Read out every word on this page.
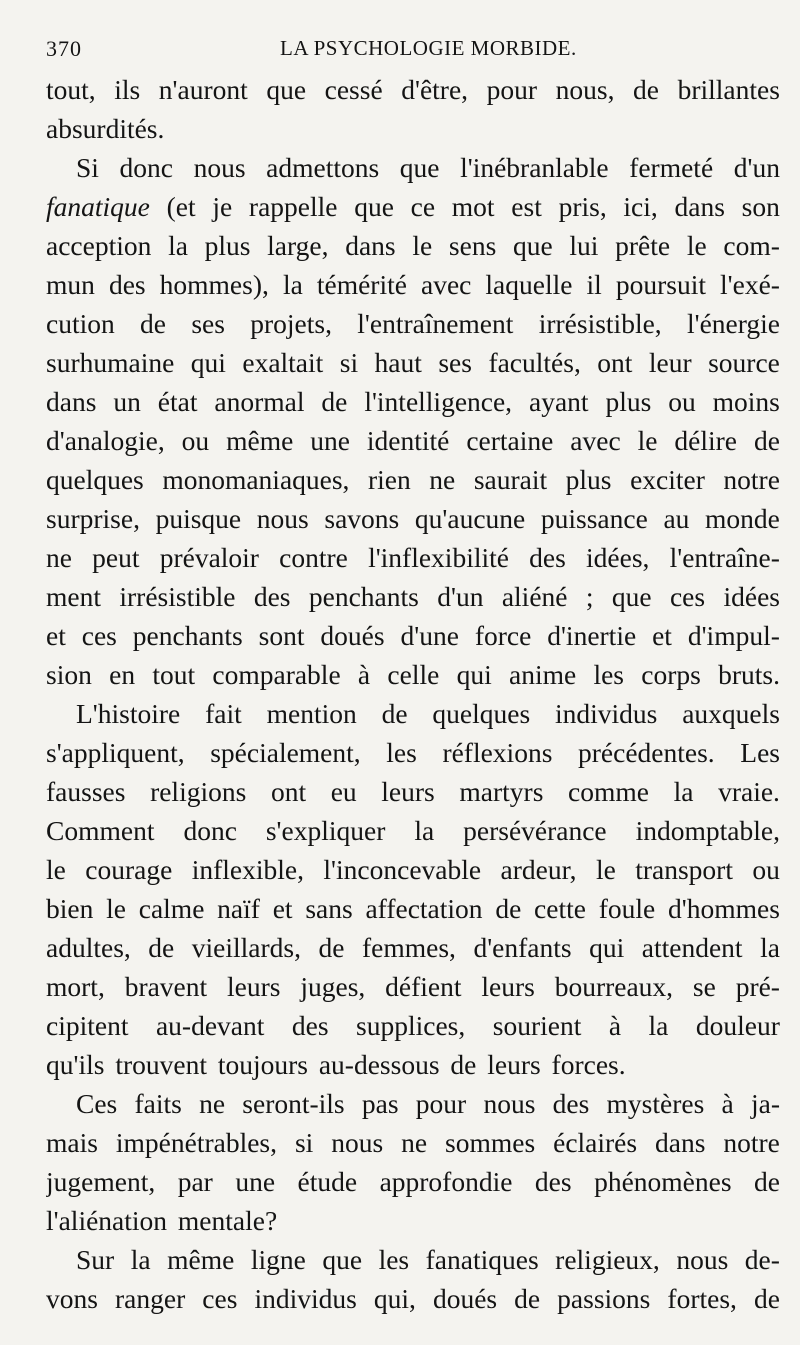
370	LA PSYCHOLOGIE MORBIDE.
tout, ils n'auront que cessé d'être, pour nous, de brillantes
absurdités.
Si donc nous admettons que l'inébranlable fermeté d'un
fanatique (et je rappelle que ce mot est pris, ici, dans son
acception la plus large, dans le sens que lui prête le com-
mun des hommes), la témérité avec laquelle il poursuit l'exé-
cution de ses projets, l'entraînement irrésistible, l'énergie
surhumaine qui exaltait si haut ses facultés, ont leur source
dans un état anormal de l'intelligence, ayant plus ou moins
d'analogie, ou même une identité certaine avec le délire de
quelques monomaniaques, rien ne saurait plus exciter notre
surprise, puisque nous savons qu'aucune puissance au monde
ne peut prévaloir contre l'inflexibilité des idées, l'entraîne-
ment irrésistible des penchants d'un aliéné ; que ces idées
et ces penchants sont doués d'une force d'inertie et d'impul-
sion en tout comparable à celle qui anime les corps bruts.
L'histoire fait mention de quelques individus auxquels
s'appliquent, spécialement, les réflexions précédentes. Les
fausses religions ont eu leurs martyrs comme la vraie.
Comment donc s'expliquer la persévérance indomptable,
le courage inflexible, l'inconcevable ardeur, le transport ou
bien le calme naïf et sans affectation de cette foule d'hommes
adultes, de vieillards, de femmes, d'enfants qui attendent la
mort, bravent leurs juges, défient leurs bourreaux, se pré-
cipitent au-devant des supplices, sourient à la douleur
qu'ils trouvent toujours au-dessous de leurs forces.
Ces faits ne seront-ils pas pour nous des mystères à ja-
mais impénétrables, si nous ne sommes éclairés dans notre
jugement, par une étude approfondie des phénomènes de
l'aliénation mentale?
Sur la même ligne que les fanatiques religieux, nous de-
vons ranger ces individus qui, doués de passions fortes, de
